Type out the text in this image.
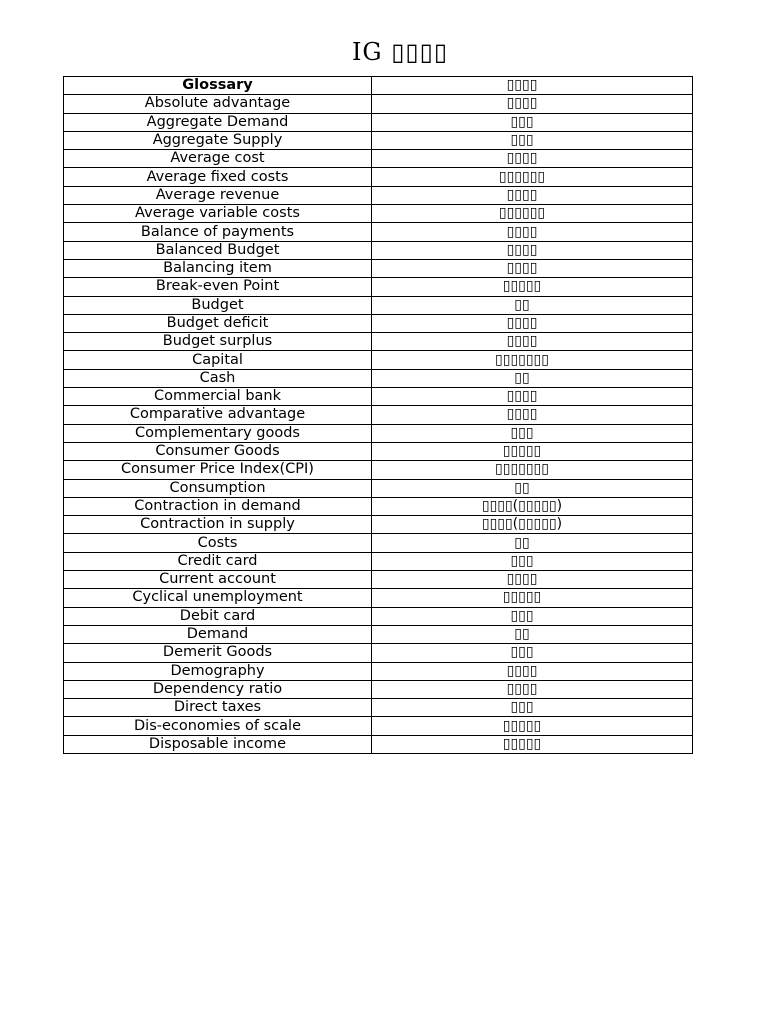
IG ▯▯▯▯
Glossary	▯▯▯▯
Absolute advantage	▯▯▯▯
Aggregate Demand	▯▯▯
Aggregate Supply	▯▯▯
Average cost	▯▯▯▯
Average fixed costs	▯▯▯▯▯▯
Average revenue	▯▯▯▯
Average variable costs	▯▯▯▯▯▯
Balance of payments	▯▯▯▯
Balanced Budget	▯▯▯▯
Balancing item	▯▯▯▯
Break-even Point	▯▯▯▯▯
Budget	▯▯
Budget deficit	▯▯▯▯
Budget surplus	▯▯▯▯
Capital	▯▯▯▯▯▯▯
Cash	▯▯
Commercial bank	▯▯▯▯
Comparative advantage	▯▯▯▯
Complementary goods	▯▯▯
Consumer Goods	▯▯▯▯▯
Consumer Price Index(CPI)	▯▯▯▯▯▯▯
Consumption	▯▯
Contraction in demand	▯▯▯▯(▯▯▯▯▯)
Contraction in supply	▯▯▯▯(▯▯▯▯▯)
Costs	▯▯
Credit card	▯▯▯
Current account	▯▯▯▯
Cyclical unemployment	▯▯▯▯▯
Debit card	▯▯▯
Demand	▯▯
Demerit Goods	▯▯▯
Demography	▯▯▯▯
Dependency ratio	▯▯▯▯
Direct taxes	▯▯▯
Dis-economies of scale	▯▯▯▯▯
Disposable income	▯▯▯▯▯
